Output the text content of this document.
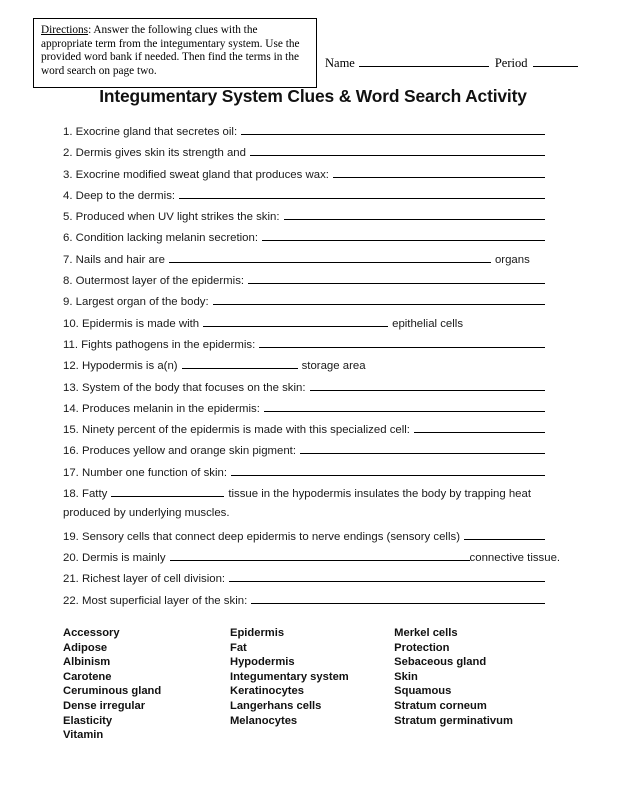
Directions: Answer the following clues with the appropriate term from the integumentary system. Use the provided word bank if needed. Then find the terms in the word search on page two.
Name	Period
Integumentary System Clues & Word Search Activity
1. Exocrine gland that secretes oil:
2. Dermis gives skin its strength and
3. Exocrine modified sweat gland that produces wax:
4. Deep to the dermis:
5. Produced when UV light strikes the skin:
6. Condition lacking melanin secretion:
7. Nails and hair are	organs
8. Outermost layer of the epidermis:
9. Largest organ of the body:
10. Epidermis is made with	epithelial cells
11. Fights pathogens in the epidermis:
12. Hypodermis is a(n)	storage area
13. System of the body that focuses on the skin:
14. Produces melanin in the epidermis:
15. Ninety percent of the epidermis is made with this specialized cell:
16. Produces yellow and orange skin pigment:
17. Number one function of skin:
18. Fatty	tissue in the hypodermis insulates the body by trapping heat
produced by underlying muscles.
19. Sensory cells that connect deep epidermis to nerve endings (sensory cells)
20. Dermis is mainly	connective tissue.
21. Richest layer of cell division:
22. Most superficial layer of the skin:
Accessory
Adipose
Albinism
Carotene
Ceruminous gland
Dense irregular
Elasticity
Vitamin
Epidermis
Fat
Hypodermis
Integumentary system
Keratinocytes
Langerhans cells
Melanocytes
Merkel cells
Protection
Sebaceous gland
Skin
Squamous
Stratum corneum
Stratum germinativum
